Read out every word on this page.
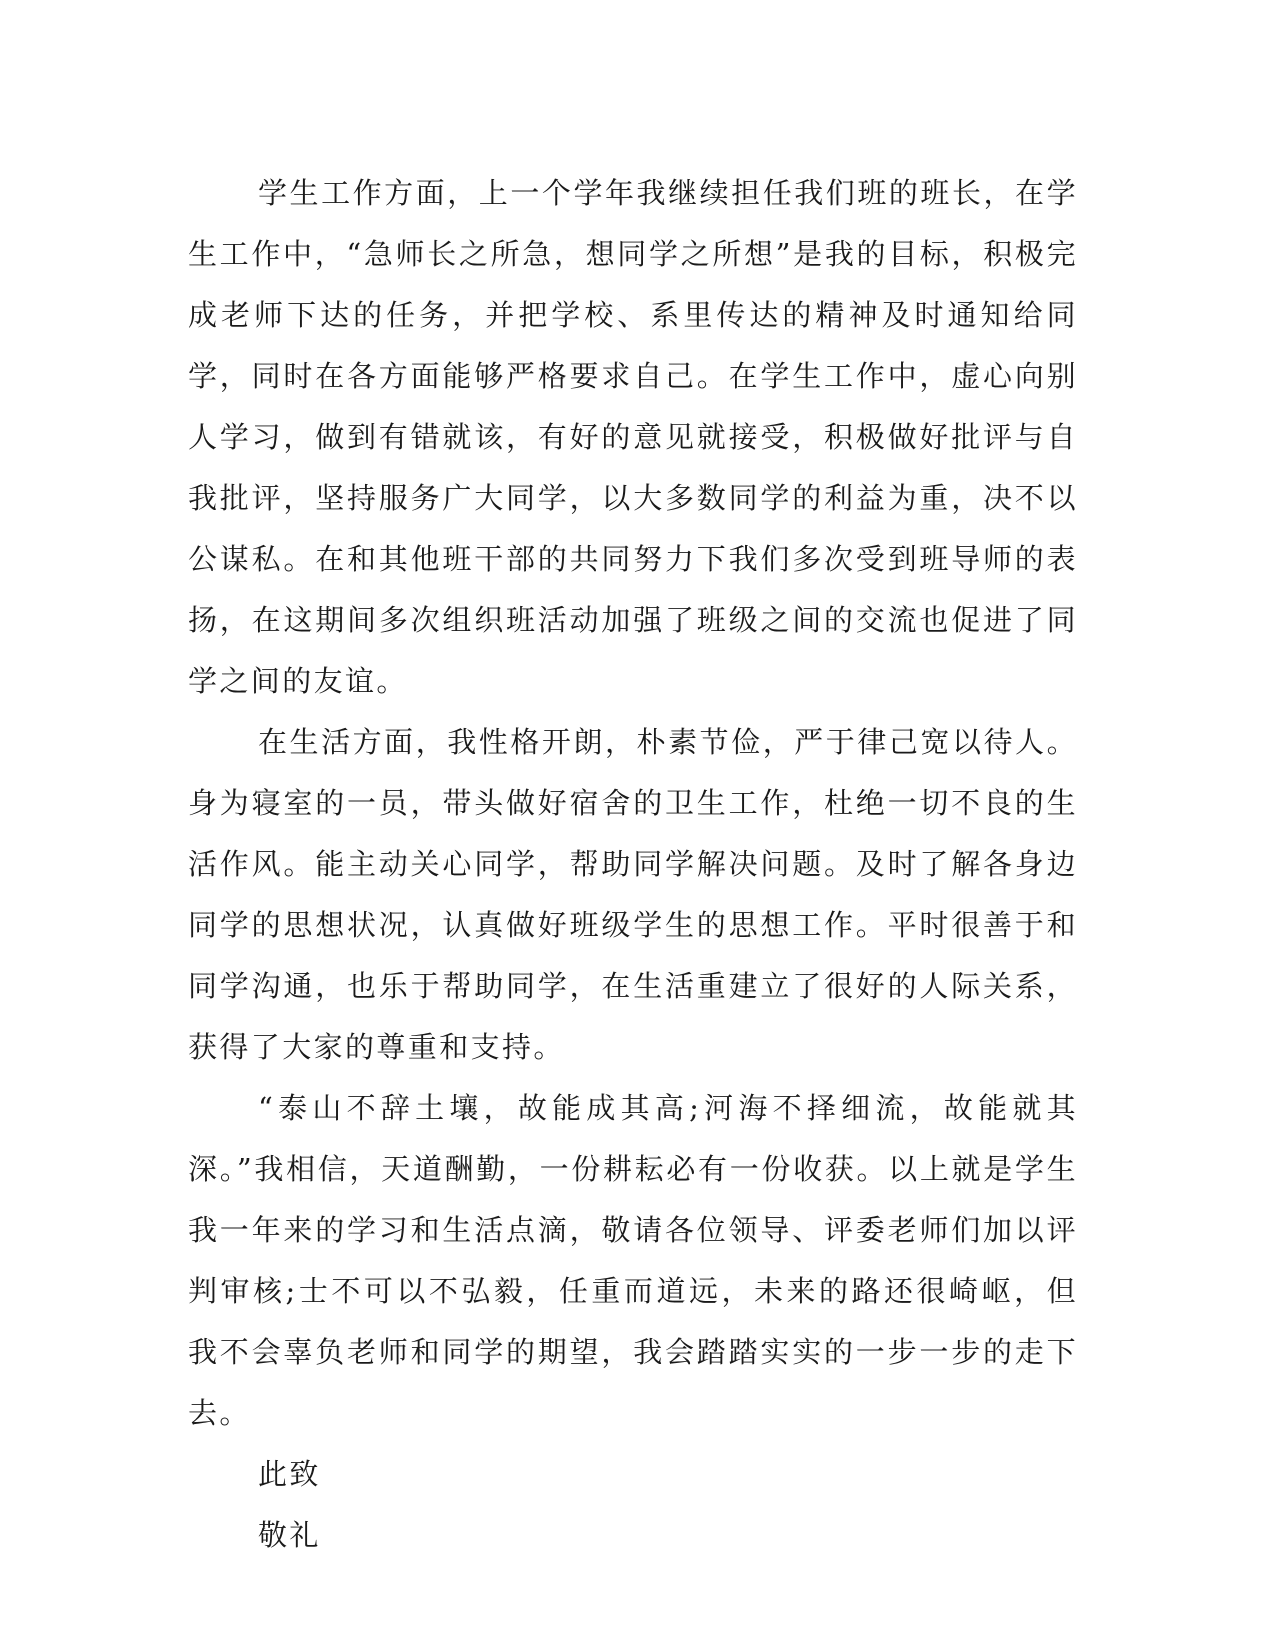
学生工作方面，上一个学年我继续担任我们班的班长，在学生工作中，“急师长之所急，想同学之所想”是我的目标，积极完成老师下达的任务，并把学校、系里传达的精神及时通知给同学，同时在各方面能够严格要求自己。在学生工作中，虚心向别人学习，做到有错就该，有好的意见就接受，积极做好批评与自我批评，坚持服务广大同学，以大多数同学的利益为重，决不以公谋私。在和其他班干部的共同努力下我们多次受到班导师的表扬，在这期间多次组织班活动加强了班级之间的交流也促进了同学之间的友谊。

在生活方面，我性格开朗，朴素节俭，严于律己宽以待人。身为寝室的一员，带头做好宿舍的卫生工作，杜绝一切不良的生活作风。能主动关心同学，帮助同学解决问题。及时了解各身边同学的思想状况，认真做好班级学生的思想工作。平时很善于和同学沟通，也乐于帮助同学，在生活重建立了很好的人际关系，获得了大家的尊重和支持。

“泰山不辞土壤，故能成其高;河海不择细流，故能就其深。”我相信，天道酬勤，一份耕耘必有一份收获。以上就是学生我一年来的学习和生活点滴，敬请各位领导、评委老师们加以评判审核;士不可以不弘毅，任重而道远，未来的路还很崎岖，但我不会辜负老师和同学的期望，我会踏踏实实的一步一步的走下去。

此致

敬礼
